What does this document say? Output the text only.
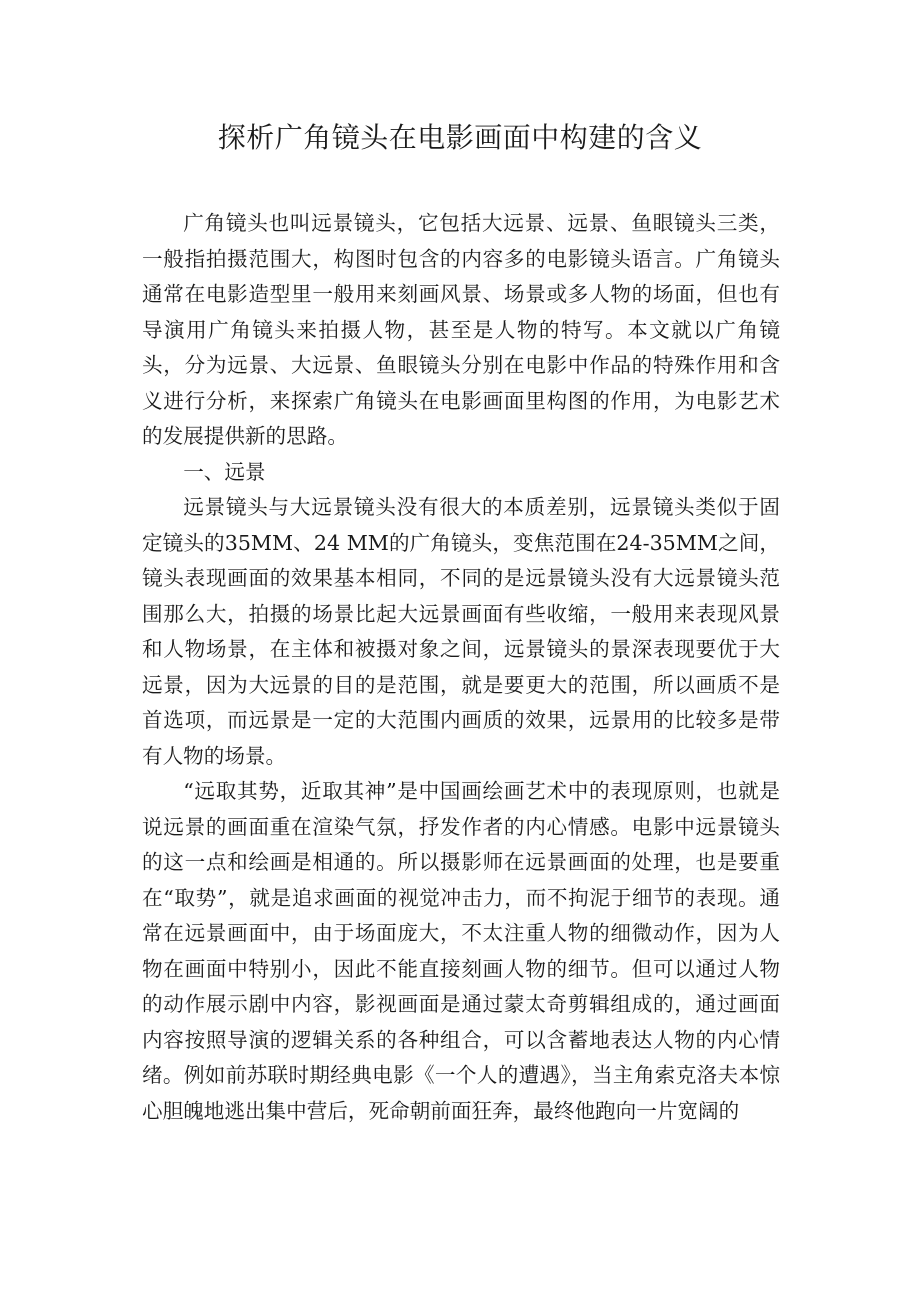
探析广角镜头在电影画面中构建的含义

广角镜头也叫远景镜头，它包括大远景、远景、鱼眼镜头三类，一般指拍摄范围大，构图时包含的内容多的电影镜头语言。广角镜头通常在电影造型里一般用来刻画风景、场景或多人物的场面，但也有导演用广角镜头来拍摄人物，甚至是人物的特写。本文就以广角镜头，分为远景、大远景、鱼眼镜头分别在电影中作品的特殊作用和含义进行分析，来探索广角镜头在电影画面里构图的作用，为电影艺术的发展提供新的思路。

一、远景

远景镜头与大远景镜头没有很大的本质差别，远景镜头类似于固定镜头的35MM、24 MM的广角镜头，变焦范围在24-35MM之间，镜头表现画面的效果基本相同，不同的是远景镜头没有大远景镜头范围那么大，拍摄的场景比起大远景画面有些收缩，一般用来表现风景和人物场景，在主体和被摄对象之间，远景镜头的景深表现要优于大远景，因为大远景的目的是范围，就是要更大的范围，所以画质不是首选项，而远景是一定的大范围内画质的效果，远景用的比较多是带有人物的场景。

“远取其势，近取其神”是中国画绘画艺术中的表现原则，也就是说远景的画面重在渲染气氛，抒发作者的内心情感。电影中远景镜头的这一点和绘画是相通的。所以摄影师在远景画面的处理，也是要重在“取势”，就是追求画面的视觉冲击力，而不拘泥于细节的表现。通常在远景画面中，由于场面庞大，不太注重人物的细微动作，因为人物在画面中特别小，因此不能直接刻画人物的细节。但可以通过人物的动作展示剧中内容，影视画面是通过蒙太奇剪辑组成的，通过画面内容按照导演的逻辑关系的各种组合，可以含蓄地表达人物的内心情绪。例如前苏联时期经典电影《一个人的遭遇》，当主角索克洛夫本惊心胆魄地逃出集中营后，死命朝前面狂奔，最终他跑向一片宽阔的
